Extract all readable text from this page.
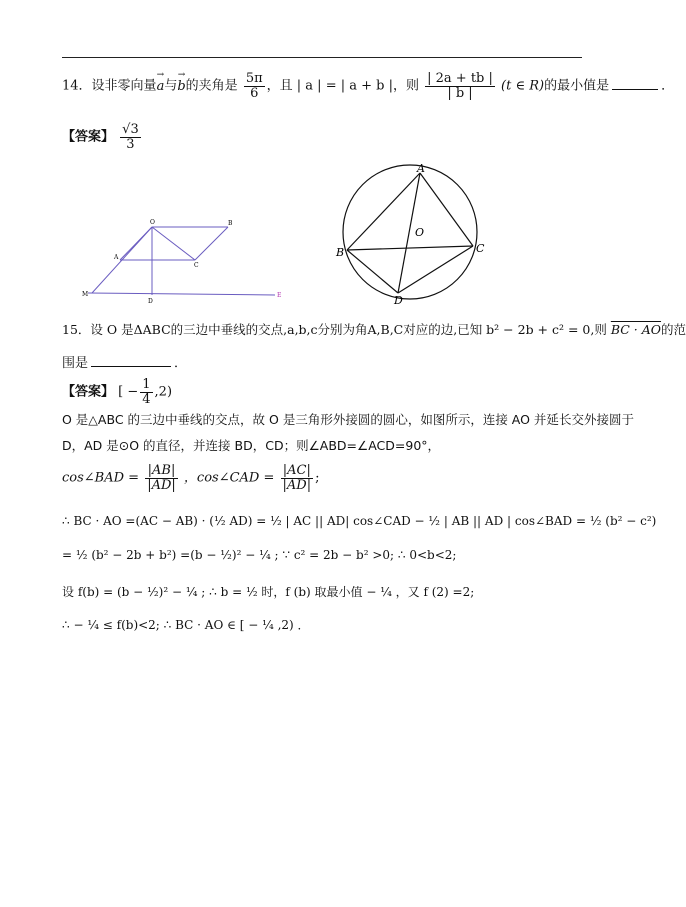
14．设非零向量→ a与→ b的夹角是 $\frac{5\pi}{6}$ ，且 | a | = | a + b |，则 $\frac{| 2a + tb |}{| b |} (t$ ∈ R)的最小值是	．
【答案】 $\frac{√3}{3}$
O	B
A
C
M
D
E
A
B	C
D
O
15．设 O 是ΔABC的三边中垂线的交点,a,b,c分别为角A,B,C对应的边,已知 b² − 2b + c² = 0,则 BC · AO的范
围是	．
【答案】 [ − $\frac{1}{4} ,2$)
O 是△ABC 的三边中垂线的交点，故 O 是三角形外接圆的圆心，如图所示，连接 AO 并延长交外接圆于
D，AD 是⊙O 的直径，并连接 BD，CD；则∠ABD=∠ACD=90°，
cos∠BAD = $\frac{|AB|}{|AD|}$ ，cos∠CAD = $\frac{|AC|}{|AD|}$ ;
∴ BC · AO =(AC − AB) · (½ AD) = ½ | AC || AD| cos∠CAD − ½ | AB || AD | cos∠BAD = ½ (b² − c²)
= ½ (b² − 2b + b²) =(b − ½)² − ¼ ; ∵ c² = 2b − b² >0; ∴ 0<b<2;
设 f(b) = (b − ½)² − ¼ ; ∴ b = ½ 时，f (b) 取最小值 − ¼ ，又 f (2) =2;
∴ − ¼ ≤ f(b)<2; ∴ BC · AO ∈ [ − ¼ ,2) ．
